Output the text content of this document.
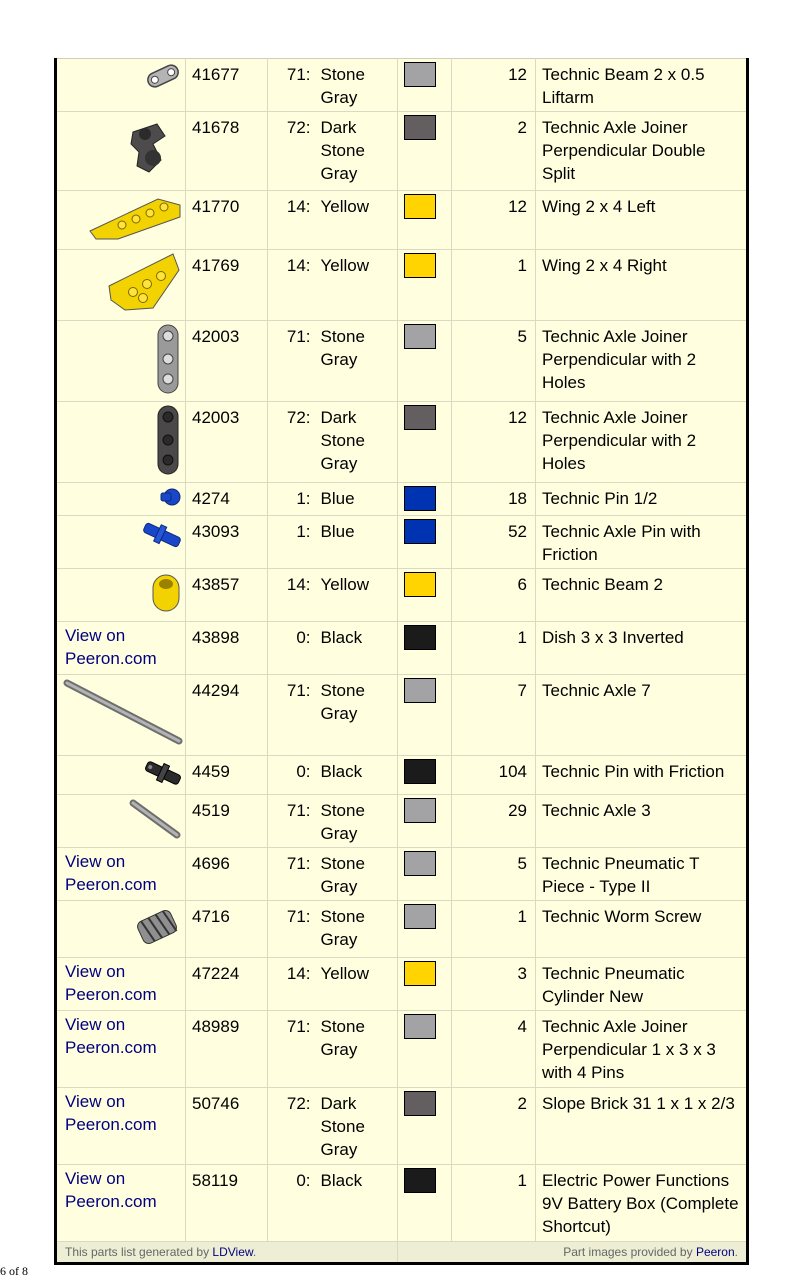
	41677	71:	Stone Gray		12	Technic Beam 2 x 0.5 Liftarm
	41678	72:	Dark Stone Gray		2	Technic Axle Joiner Perpendicular Double Split
	41770	14:	Yellow		12	Wing 2 x 4 Left
	41769	14:	Yellow		1	Wing 2 x 4 Right
	42003	71:	Stone Gray		5	Technic Axle Joiner Perpendicular with 2 Holes
	42003	72:	Dark Stone Gray		12	Technic Axle Joiner Perpendicular with 2 Holes
	4274	1:	Blue		18	Technic Pin 1/2
	43093	1:	Blue		52	Technic Axle Pin with Friction
	43857	14:	Yellow		6	Technic Beam 2
View on Peeron.com	43898	0:	Black		1	Dish 3 x 3 Inverted
	44294	71:	Stone Gray		7	Technic Axle 7
	4459	0:	Black		104	Technic Pin with Friction
	4519	71:	Stone Gray		29	Technic Axle 3
View on Peeron.com	4696	71:	Stone Gray		5	Technic Pneumatic T Piece - Type II
	4716	71:	Stone Gray		1	Technic Worm Screw
View on Peeron.com	47224	14:	Yellow		3	Technic Pneumatic Cylinder New
View on Peeron.com	48989	71:	Stone Gray		4	Technic Axle Joiner Perpendicular 1 x 3 x 3 with 4 Pins
View on Peeron.com	50746	72:	Dark Stone Gray		2	Slope Brick 31 1 x 1 x 2/3
View on Peeron.com	58119	0:	Black		1	Electric Power Functions 9V Battery Box (Complete Shortcut)
This parts list generated by LDView.				Part images provided by Peeron.		
6 of 8
